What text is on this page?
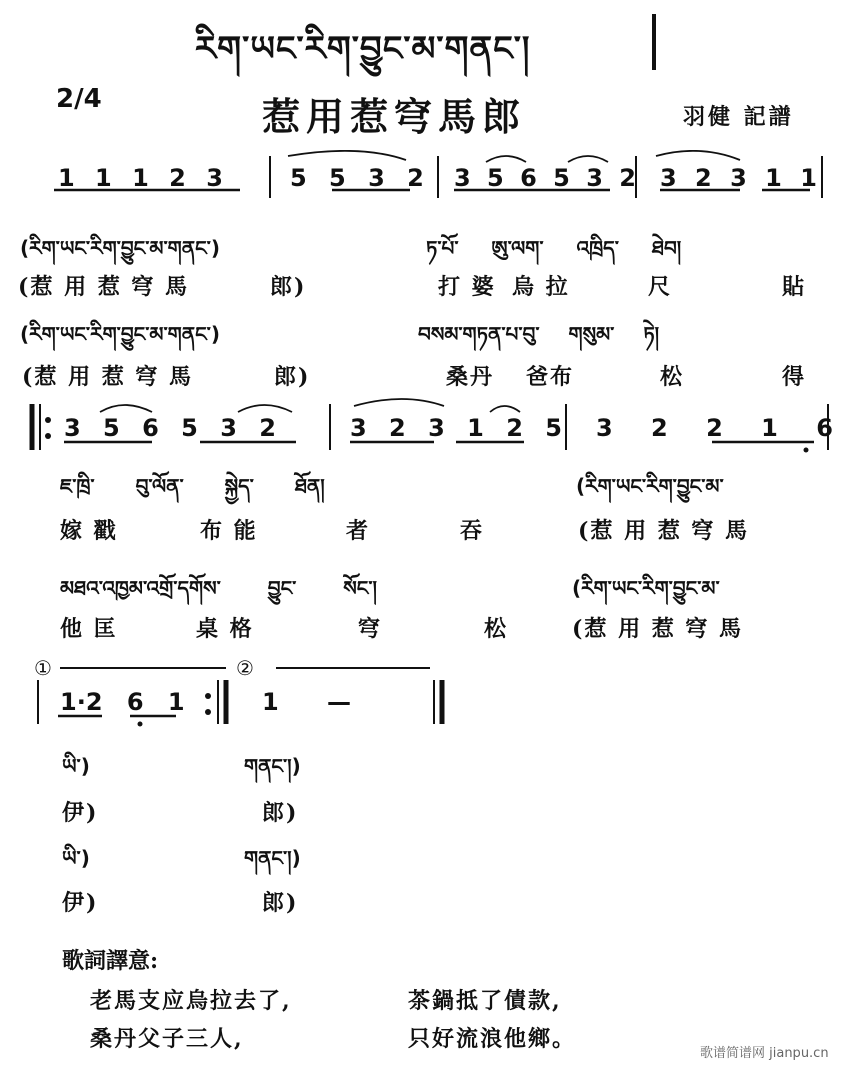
རིག་ཡང་རིག་བྱུང་མ་གནང་།
2/4	惹用惹穹馬郎	羽健 記譜
1 1 1 2 3	5 5 3 2 3 5 6 5 3 2 3 2 3 1 1
(རིག་ཡང་རིག་བྱུང་མ་གནང་)	ཏ་པོ་ ཨུ་ལག་ འཁྲིད་ ཐེབ།
(惹 用 惹 穹 馬	郎)	打 婆 烏 拉	尺	貼
(རིག་ཡང་རིག་བྱུང་མ་གནང་)	བསམ་གཏན་པ་བུ་ གསུམ་ ཏེ།
(惹 用 惹 穹 馬	郎)	桑丹 爸布	松	得
3 5 6 5 3 2	3 2 3 1 2 5 3 2 2 1 6
ཇ་ཁྲི་ བུ་ལོན་ སྐྱེད་ ཐོན།	(རིག་ཡང་རིག་བྱུང་མ་
嫁 戳	布 能	者	吞	(惹 用 惹 穹 馬
མཐའ་འཁྱམ་འགྲོ་དགོས་ བྱུང་ སོང་།	(རིག་ཡང་རིག་བྱུང་མ་
他 匡	桌 格	穹	松	(惹 用 惹 穹 馬
①	②
1·2 6 1	1 —
ཡི་)	གནང་།)
伊)	郎)
ཡི་)	གནང་།)
伊)	郎)
歌詞譯意:
老馬支应烏拉去了,	茶鍋抵了債款,
桑丹父子三人,	只好流浪他鄉。
歌谱简谱网 jianpu.cn
